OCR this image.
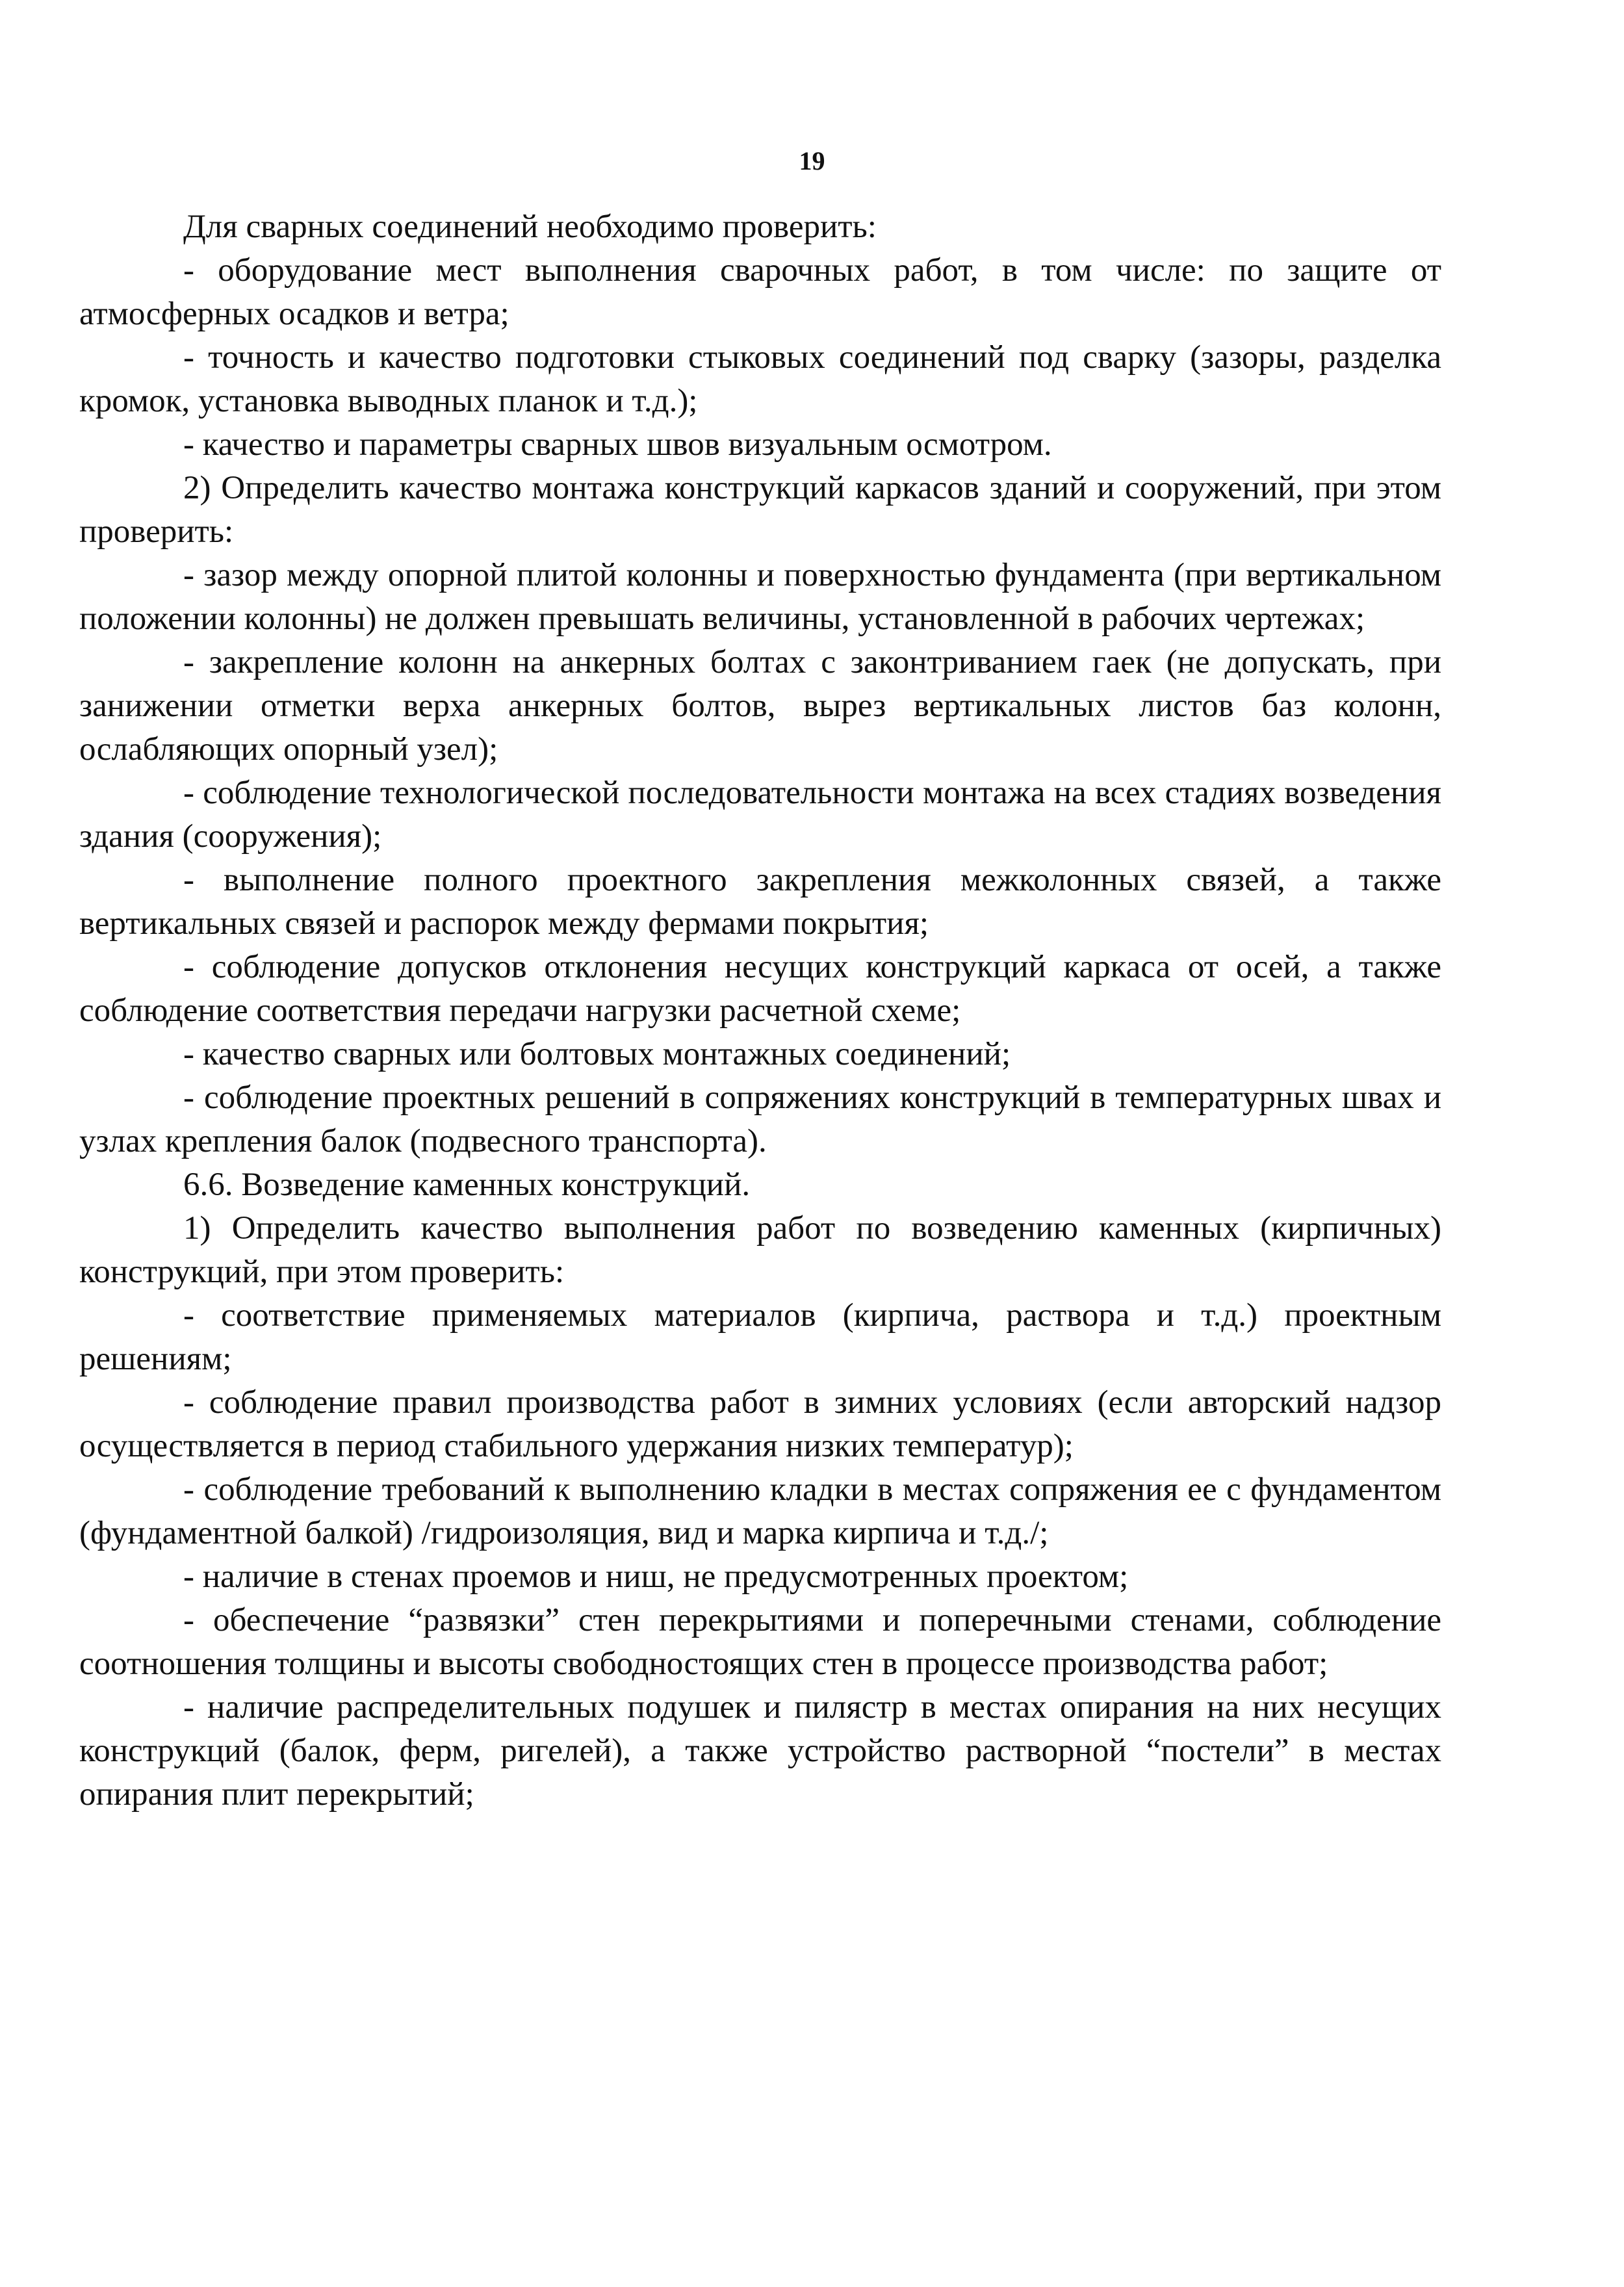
19

Для сварных соединений необходимо проверить:

- оборудование мест выполнения сварочных работ, в том числе: по защите от атмосферных осадков и ветра;

- точность и качество подготовки стыковых соединений под сварку (зазоры, разделка кромок, установка выводных планок и т.д.);

- качество и параметры сварных швов визуальным осмотром.

2) Определить качество монтажа конструкций каркасов зданий и сооружений, при этом проверить:

- зазор между опорной плитой колонны и поверхностью фундамента (при вертикальном положении колонны) не должен превышать величины, установленной в рабочих чертежах;

- закрепление колонн на анкерных болтах с законтриванием гаек (не допускать, при занижении отметки верха анкерных болтов, вырез вертикальных листов баз колонн, ослабляющих опорный узел);

- соблюдение технологической последовательности монтажа на всех стадиях возведения здания (сооружения);

- выполнение полного проектного закрепления межколонных связей, а также вертикальных связей и распорок между фермами покрытия;

- соблюдение допусков отклонения несущих конструкций каркаса от осей, а также соблюдение соответствия передачи нагрузки расчетной схеме;

- качество сварных или болтовых монтажных соединений;

- соблюдение проектных решений в сопряжениях конструкций в температурных швах и узлах крепления балок (подвесного транспорта).

6.6. Возведение каменных конструкций.

1) Определить качество выполнения работ по возведению каменных (кирпичных) конструкций, при этом проверить:

- соответствие применяемых материалов (кирпича, раствора и т.д.) проектным решениям;

- соблюдение правил производства работ в зимних условиях (если авторский надзор осуществляется в период стабильного удержания низких температур);

- соблюдение требований к выполнению кладки в местах сопряжения ее с фундаментом (фундаментной балкой) /гидроизоляция, вид и марка кирпича и т.д./;

- наличие в стенах проемов и ниш, не предусмотренных проектом;

- обеспечение “развязки” стен перекрытиями и поперечными стенами, соблюдение соотношения толщины и высоты свободностоящих стен в процессе производства работ;

- наличие распределительных подушек и пилястр в местах опирания на них несущих конструкций (балок, ферм, ригелей), а также устройство растворной “постели” в местах опирания плит перекрытий;
